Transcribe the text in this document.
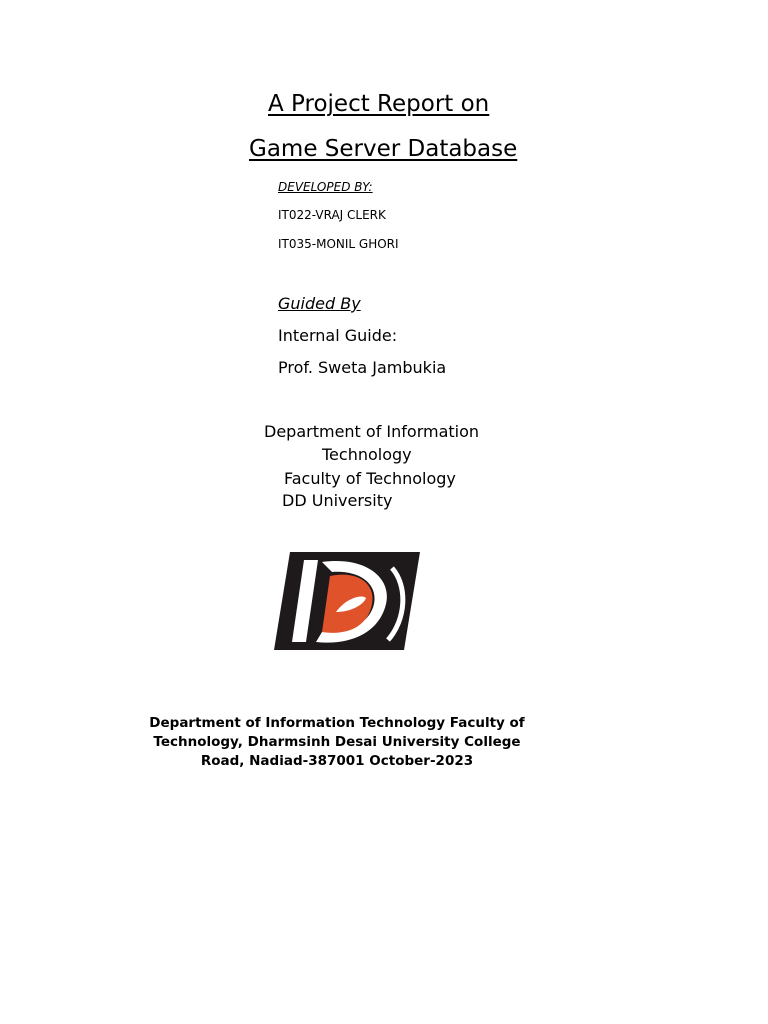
A Project Report on
Game Server Database
DEVELOPED BY:
IT022-VRAJ CLERK
IT035-MONIL GHORI
Guided By
Internal Guide:
Prof. Sweta Jambukia
Department of Information
Technology
Faculty of Technology
DD University
Department of Information Technology Faculty of
Technology, Dharmsinh Desai University College
Road, Nadiad-387001 October-2023
